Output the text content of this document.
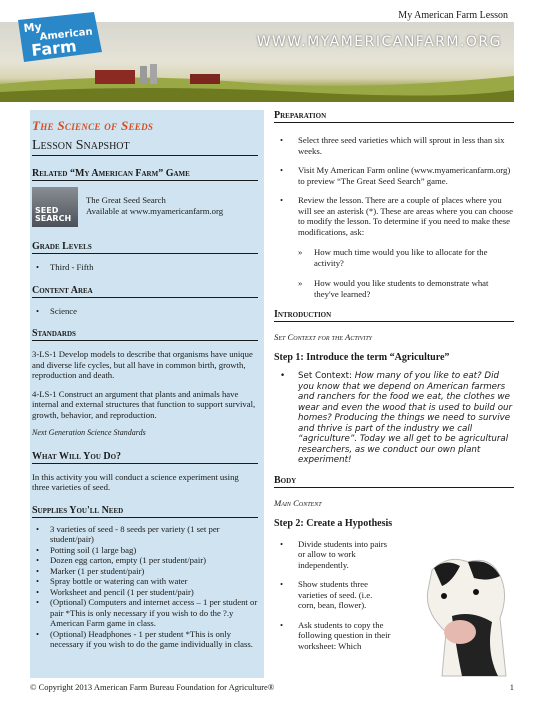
My American Farm Lesson
WWW.MYAMERICANFARM.ORG
My
American
Farm
The Science of Seeds
Lesson Snapshot
Related “My American Farm” Game
SEED
SEARCH
The Great Seed Search
Available at www.myamericanfarm.org
Grade Levels
• Third - Fifth
Content Area
• Science
Standards

3-LS-1 Develop models to describe that organisms have unique and diverse life cycles, but all have in common birth, growth, reproduction and death.

4-LS-1 Construct an argument that plants and animals have internal and external structures that function to support survival, growth, behavior, and reproduction.

Next Generation Science Standards

What Will You Do?

In this activity you will conduct a science experiment using three varieties of seed.

Supplies You'll Need
• 3 varieties of seed - 8 seeds per variety (1 set per student/pair)
• Potting soil (1 large bag)
• Dozen egg carton, empty (1 per student/pair)
• Marker (1 per student/pair)
• Spray bottle or watering can with water
• Worksheet and pencil (1 per student/pair)
• (Optional) Computers and internet access – 1 per student or pair *This is only necessary if you wish to do the ?.y American Farm game in class.
• (Optional) Headphones - 1 per student *This is only necessary if you wish to do the game individually in class.
Preparation
• Select three seed varieties which will sprout in less than six weeks.
• Visit My American Farm online (www.myamericanfarm.org) to preview “The Great Seed Search” game.
• Review the lesson. There are a couple of places where you will see an asterisk (*). These are areas where you can choose to modify the lesson. To determine if you need to make these modifications, ask:
» How much time would you like to allocate for the activity?
» How would you like students to demonstrate what they've learned?
Introduction
Set Context for the Activity
Step 1: Introduce the term “Agriculture”
• Set Context: How many of you like to eat? Did you know that we depend on American farmers and ranchers for the food we eat, the clothes we wear and even the wood that is used to build our homes? Producing the things we need to survive and thrive is part of the industry we call “agriculture”. Today we all get to be agricultural researchers, as we conduct our own plant experiment!
Body
Main Content
Step 2: Create a Hypothesis
• Divide students into pairs or allow to work independently.
• Show students three varieties of seed. (i.e. corn, bean, flower).
• Ask students to copy the following question in their worksheet: Which
© Copyright 2013 American Farm Bureau Foundation for Agriculture®	1
